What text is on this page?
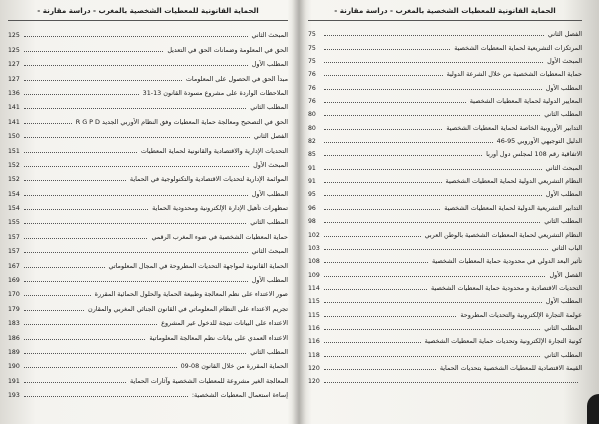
الحماية القانونية للمعطيات الشخصية بالمغرب - دراسة مقارنة -
المبحث الثاني
125
الحق في المعلومة وضمانات الحق في التعديل
125
المطلب الأول
127
مبدأ الحق في الحصول على المعلومات
127
الملاحظات الواردة على مشروع مسودة القانون 13-31
136
المطلب الثاني
141
الحق في التصحيح ومعالجة حماية المعطيات وفق النظام الأوربي الجديد R G P D
141
الفصل الثاني
150
التحديات الإدارية والاقتصادية والقانونية لحماية المعطيات
151
المبحث الأول
152
الموائمة الإدارية لتحديات الاقتصادية والتكنولوجية في الحماية
152
المطلب الأول
154
تمظهرات تأهيل الإدارة الإلكترونية ومحدودية الحماية
154
المطلب الثاني
155
حماية المعطيات الشخصية في ضوء المغرب الرقمي
157
المبحث الثاني
157
الحماية القانونية لمواجهة التحديات المطروحة في المجال المعلوماتي
167
المطلب الأول
169
صور الاعتداء على نظم المعالجة وطبيعة الحماية والحلول الحمائية المقررة
170
تجريم الاعتداء على النظام المعلوماتي في القانون الجنائي المغربي والمقارن
179
الاعتداء على البيانات نتيجة للدخول غير المشروع
183
الاعتداء العمدي على بيانات نظم المعالجة المعلوماتية
186
المطلب الثاني
189
الحماية المقررة من خلال القانون 08-09
190
المعالجة الغير مشروعة للمعطيات الشخصية وآثارات الحماية
191
إساءة استعمال المعطيات الشخصية:
193
الحماية القانونية للمعطيات الشخصية بالمغرب - دراسة مقارنة -
الفصل الثاني
75
المرتكزات التشريعية لحماية المعطيات الشخصية
75
المبحث الأول
75
حماية المعطيات الشخصية من خلال الشرعة الدولية
76
المطلب الأول
76
المعايير الدولية لحماية المعطيات الشخصية
76
المطلب الثاني
80
التدابير الأوروبية الخاصة لحماية المعطيات الشخصية
80
الدليل التوجيهي الأوروبي 95-46
82
الاتفاقية رقم 108 لمجلس دول أوربا
85
المبحث الثاني
91
النظام التشريعي الدولية لحماية المعطيات الشخصية
91
المطلب الأول
95
التدابير التشريعية الدولية لحماية المعطيات الشخصية
96
المطلب الثاني
98
النظام التشريعي لحماية المعطيات الشخصية بالوطن العربي
102
الباب الثاني
103
تأثير البعد الدولي في محدودية حماية المعطيات الشخصية
108
الفصل الأول
109
التحديات الاقتصادية و محدودية حماية المعطيات الشخصية
114
المطلب الأول
115
عولمة التجارة الإلكترونية والتحديات المطروحة
115
المطلب الثاني
116
كونية التجارة الإلكترونية وتحديات حماية المعطيات الشخصية
116
المطلب الثاني
118
القيمة الاقتصادية للمعطيات الشخصية بتحديات الحماية
120
120
